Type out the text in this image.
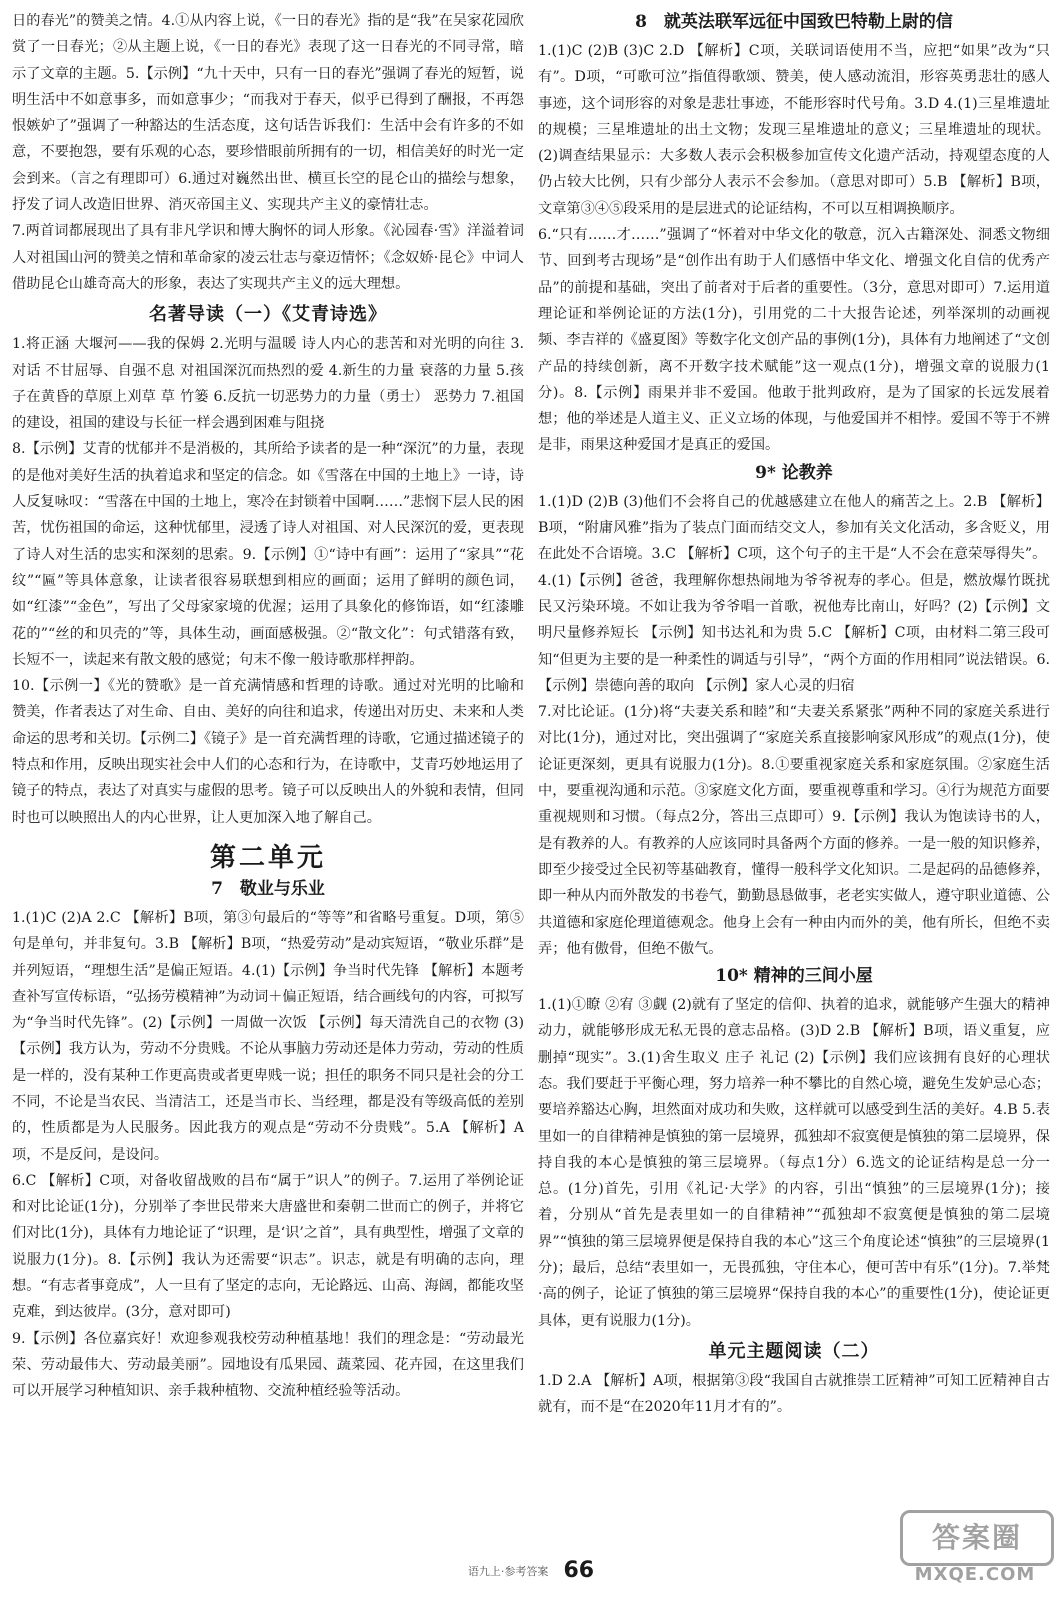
日的春光”的赞美之情。4.①从内容上说，《一日的春光》指的是“我”在吴家花园欣赏了一日春光；②从主题上说，《一日的春光》表现了这一日春光的不同寻常，暗示了文章的主题。5.【示例】“九十天中，只有一日的春光”强调了春光的短暂，说明生活中不如意事多，而如意事少；“而我对于春天，似乎已得到了酬报，不再怨恨嫉妒了”强调了一种豁达的生活态度，这句话告诉我们：生活中会有许多的不如意，不要抱怨，要有乐观的心态，要珍惜眼前所拥有的一切，相信美好的时光一定会到来。（言之有理即可）6.通过对巍然出世、横亘长空的昆仑山的描绘与想象，抒发了词人改造旧世界、消灭帝国主义、实现共产主义的豪情壮志。

7.两首词都展现出了具有非凡学识和博大胸怀的词人形象。《沁园春·雪》洋溢着词人对祖国山河的赞美之情和革命家的凌云壮志与豪迈情怀；《念奴娇·昆仑》中词人借助昆仑山雄奇高大的形象，表达了实现共产主义的远大理想。

名著导读（一）《艾青诗选》

1.将正涵 大堰河——我的保姆 2.光明与温暖 诗人内心的悲苦和对光明的向往 3.对话 不甘屈辱、自强不息 对祖国深沉而热烈的爱 4.新生的力量 衰落的力量 5.孩子在黄昏的草原上刈草 草 竹篓 6.反抗一切恶势力的力量（勇士） 恶势力 7.祖国的建设，祖国的建设与长征一样会遇到困难与阻挠

8.【示例】艾青的忧郁并不是消极的，其所给予读者的是一种“深沉”的力量，表现的是他对美好生活的执着追求和坚定的信念。如《雪落在中国的土地上》一诗，诗人反复咏叹：“雪落在中国的土地上，寒冷在封锁着中国啊……”悲悯下层人民的困苦，忧伤祖国的命运，这种忧郁里，浸透了诗人对祖国、对人民深沉的爱，更表现了诗人对生活的忠实和深刻的思索。9.【示例】①“诗中有画”：运用了“家具”“花纹”“匾”等具体意象，让读者很容易联想到相应的画面；运用了鲜明的颜色词，如“红漆”“金色”，写出了父母家家境的优渥；运用了具象化的修饰语，如“红漆雕花的”“丝的和贝壳的”等，具体生动，画面感极强。②“散文化”：句式错落有致，长短不一，读起来有散文般的感觉；句末不像一般诗歌那样押韵。

10.【示例一】《光的赞歌》是一首充满情感和哲理的诗歌。通过对光明的比喻和赞美，作者表达了对生命、自由、美好的向往和追求，传递出对历史、未来和人类命运的思考和关切。【示例二】《镜子》是一首充满哲理的诗歌，它通过描述镜子的特点和作用，反映出现实社会中人们的心态和行为，在诗歌中，艾青巧妙地运用了镜子的特点，表达了对真实与虚假的思考。镜子可以反映出人的外貌和表情，但同时也可以映照出人的内心世界，让人更加深入地了解自己。

第二单元
7　敬业与乐业

1.(1)C (2)A 2.C 【解析】B项，第③句最后的“等等”和省略号重复。D项，第⑤句是单句，并非复句。3.B 【解析】B项，“热爱劳动”是动宾短语，“敬业乐群”是并列短语，“理想生活”是偏正短语。4.(1)【示例】争当时代先锋 【解析】本题考查补写宣传标语，“弘扬劳模精神”为动词＋偏正短语，结合画线句的内容，可拟写为“争当时代先锋”。(2)【示例】一周做一次饭 【示例】每天清洗自己的衣物 (3)【示例】我方认为，劳动不分贵贱。不论从事脑力劳动还是体力劳动，劳动的性质是一样的，没有某种工作更高贵或者更卑贱一说；担任的职务不同只是社会的分工不同，不论是当农民、当清洁工，还是当市长、当经理，都是没有等级高低的差别的，性质都是为人民服务。因此我方的观点是“劳动不分贵贱”。5.A 【解析】A项，不是反问，是设问。

6.C 【解析】C项，对备收留战败的吕布“属于”识人”的例子。7.运用了举例论证和对比论证(1分)，分别举了李世民带来大唐盛世和秦朝二世而亡的例子，并将它们对比(1分)，具体有力地论证了“识理，是‘识’之首”，具有典型性，增强了文章的说服力(1分)。8.【示例】我认为还需要“识志”。识志，就是有明确的志向，理想。“有志者事竟成”，人一旦有了坚定的志向，无论路远、山高、海阔，都能攻坚克难，到达彼岸。(3分，意对即可)

9.【示例】各位嘉宾好！欢迎参观我校劳动种植基地！我们的理念是：“劳动最光荣、劳动最伟大、劳动最美丽”。园地设有瓜果园、蔬菜园、花卉园，在这里我们可以开展学习种植知识、亲手栽种植物、交流种植经验等活动。

8　就英法联军远征中国致巴特勒上尉的信

1.(1)C (2)B (3)C 2.D 【解析】C项，关联词语使用不当，应把“如果”改为“只有”。D项，“可歌可泣”指值得歌颂、赞美，使人感动流泪，形容英勇悲壮的感人事迹，这个词形容的对象是悲壮事迹，不能形容时代号角。3.D 4.(1)三星堆遗址的规模；三星堆遗址的出土文物；发现三星堆遗址的意义；三星堆遗址的现状。(2)调查结果显示：大多数人表示会积极参加宣传文化遗产活动，持观望态度的人仍占较大比例，只有少部分人表示不会参加。（意思对即可）5.B 【解析】B项，文章第③④⑤段采用的是层进式的论证结构，不可以互相调换顺序。

6.“只有……才……”强调了“怀着对中华文化的敬意，沉入古籍深处、洞悉文物细节、回到考古现场”是“创作出有助于人们感悟中华文化、增强文化自信的优秀产品”的前提和基础，突出了前者对于后者的重要性。（3分，意思对即可）7.运用道理论证和举例论证的方法(1分)，引用党的二十大报告论述，列举深圳的动画视频、李吉祥的《盛夏图》等数字化文创产品的事例(1分)，具体有力地阐述了“文创产品的持续创新，离不开数字技术赋能”这一观点(1分)，增强文章的说服力(1分)。8.【示例】雨果并非不爱国。他敢于批判政府，是为了国家的长远发展着想；他的举述是人道主义、正义立场的体现，与他爱国并不相悖。爱国不等于不辨是非，雨果这种爱国才是真正的爱国。

9* 论教养

1.(1)D (2)B (3)他们不会将自己的优越感建立在他人的痛苦之上。2.B 【解析】B项，“附庸风雅”指为了装点门面而结交文人，参加有关文化活动，多含贬义，用在此处不合语境。3.C 【解析】C项，这个句子的主干是“人不会在意荣辱得失”。

4.(1)【示例】爸爸，我理解你想热闹地为爷爷祝寿的孝心。但是，燃放爆竹既扰民又污染环境。不如让我为爷爷唱一首歌，祝他寿比南山，好吗？(2)【示例】文明尺量修养短长 【示例】知书达礼和为贵 5.C 【解析】C项，由材料二第三段可知“但更为主要的是一种柔性的调适与引导”，“两个方面的作用相同”说法错误。6.【示例】崇德向善的取向 【示例】家人心灵的归宿

7.对比论证。(1分)将“夫妻关系和睦”和“夫妻关系紧张”两种不同的家庭关系进行对比(1分)，通过对比，突出强调了“家庭关系直接影响家风形成”的观点(1分)，使论证更深刻，更具有说服力(1分)。8.①要重视家庭关系和家庭氛围。②家庭生活中，要重视沟通和示范。③家庭文化方面，要重视尊重和学习。④行为规范方面要重视规则和习惯。（每点2分，答出三点即可）9.【示例】我认为饱读诗书的人，是有教养的人。有教养的人应该同时具备两个方面的修养。一是一般的知识修养，即至少接受过全民初等基础教育，懂得一般科学文化知识。二是起码的品德修养，即一种从内而外散发的书卷气，勤勤恳恳做事，老老实实做人，遵守职业道德、公共道德和家庭伦理道德观念。他身上会有一种由内而外的美，他有所长，但绝不卖弄；他有傲骨，但绝不傲气。

10* 精神的三间小屋

1.(1)①瞭 ②宥 ③觑 (2)就有了坚定的信仰、执着的追求，就能够产生强大的精神动力，就能够形成无私无畏的意志品格。(3)D 2.B 【解析】B项，语义重复，应删掉“现实”。3.(1)舍生取义 庄子 礼记 (2)【示例】我们应该拥有良好的心理状态。我们要赶于平衡心理，努力培养一种不攀比的自然心境，避免生发妒忌心态；要培养豁达心胸，坦然面对成功和失败，这样就可以感受到生活的美好。4.B 5.表里如一的自律精神是慎独的第一层境界，孤独却不寂寞便是慎独的第二层境界，保持自我的本心是慎独的第三层境界。（每点1分）6.选文的论证结构是总一分一总。(1分)首先，引用《礼记·大学》的内容，引出“慎独”的三层境界(1分)；接着，分别从“首先是表里如一的自律精神”“孤独却不寂寞便是慎独的第二层境界”“慎独的第三层境界便是保持自我的本心”这三个角度论述“慎独”的三层境界(1分)；最后，总结“表里如一，无畏孤独，守住本心，便可苦中有乐”(1分)。7.举梵·高的例子，论证了慎独的第三层境界“保持自我的本心”的重要性(1分)，使论证更具体，更有说服力(1分)。

单元主题阅读（二）

1.D 2.A 【解析】A项，根据第③段“我国自古就推崇工匠精神”可知工匠精神自古就有，而不是“在2020年11月才有的”。

语九上·参考答案 66
答案圈
MXQE.COM
